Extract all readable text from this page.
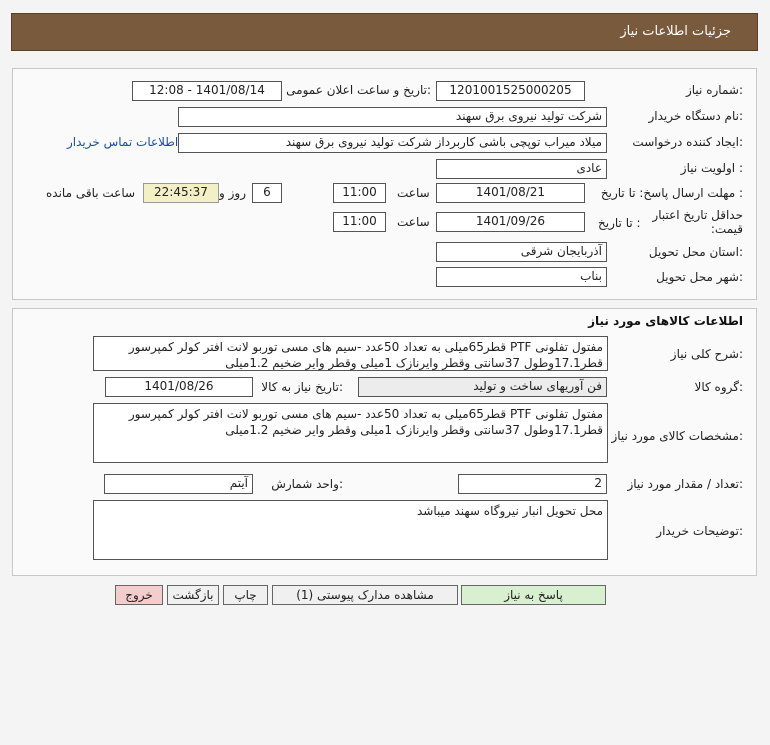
جزئیات اطلاعات نیاز
شماره نیاز:
1201001525000205
تاریخ و ساعت اعلان عمومی:
1401/08/14 - 12:08
نام دستگاه خریدار:
شرکت تولید نیروی برق سهند
ایجاد کننده درخواست:
میلاد میراب توپچی باشی کاربرداز شرکت تولید نیروی برق سهند
اطلاعات تماس خریدار
اولویت نیاز :
عادی
مهلت ارسال پاسخ: تا تاریخ :
1401/08/21
ساعت
11:00
6
روز و
22:45:37
ساعت باقی مانده
حداقل تاریخ اعتبار قیمت:
تا تاریخ :
1401/09/26
ساعت
11:00
استان محل تحویل:
آذربایجان شرقی
شهر محل تحویل:
بناب
اطلاعات کالاهای مورد نیاز
شرح کلی نیاز:
مفتول تفلونی PTF قطر65میلی به تعداد 50عدد -سیم های مسی توربو لانت افتر کولر کمپرسور قطر17.1وطول 37سانتی وقطر وایرنازک 1میلی وقطر وایر ضخیم 1.2میلی
گروه کالا:
فن آوریهای ساخت و تولید
تاریخ نیاز به کالا:
1401/08/26
مشخصات کالای مورد نیاز:
مفتول تفلونی PTF قطر65میلی به تعداد 50عدد -سیم های مسی توربو لانت افتر کولر کمپرسور قطر17.1وطول 37سانتی وقطر وایرنازک 1میلی وقطر وایر ضخیم 1.2میلی
تعداد / مقدار مورد نیاز:
2
واحد شمارش:
آیتم
توضیحات خریدار:
محل تحویل انبار نیروگاه سهند میباشد
پاسخ به نیاز
مشاهده مدارک پیوستی (1)
چاپ
بازگشت
خروج
